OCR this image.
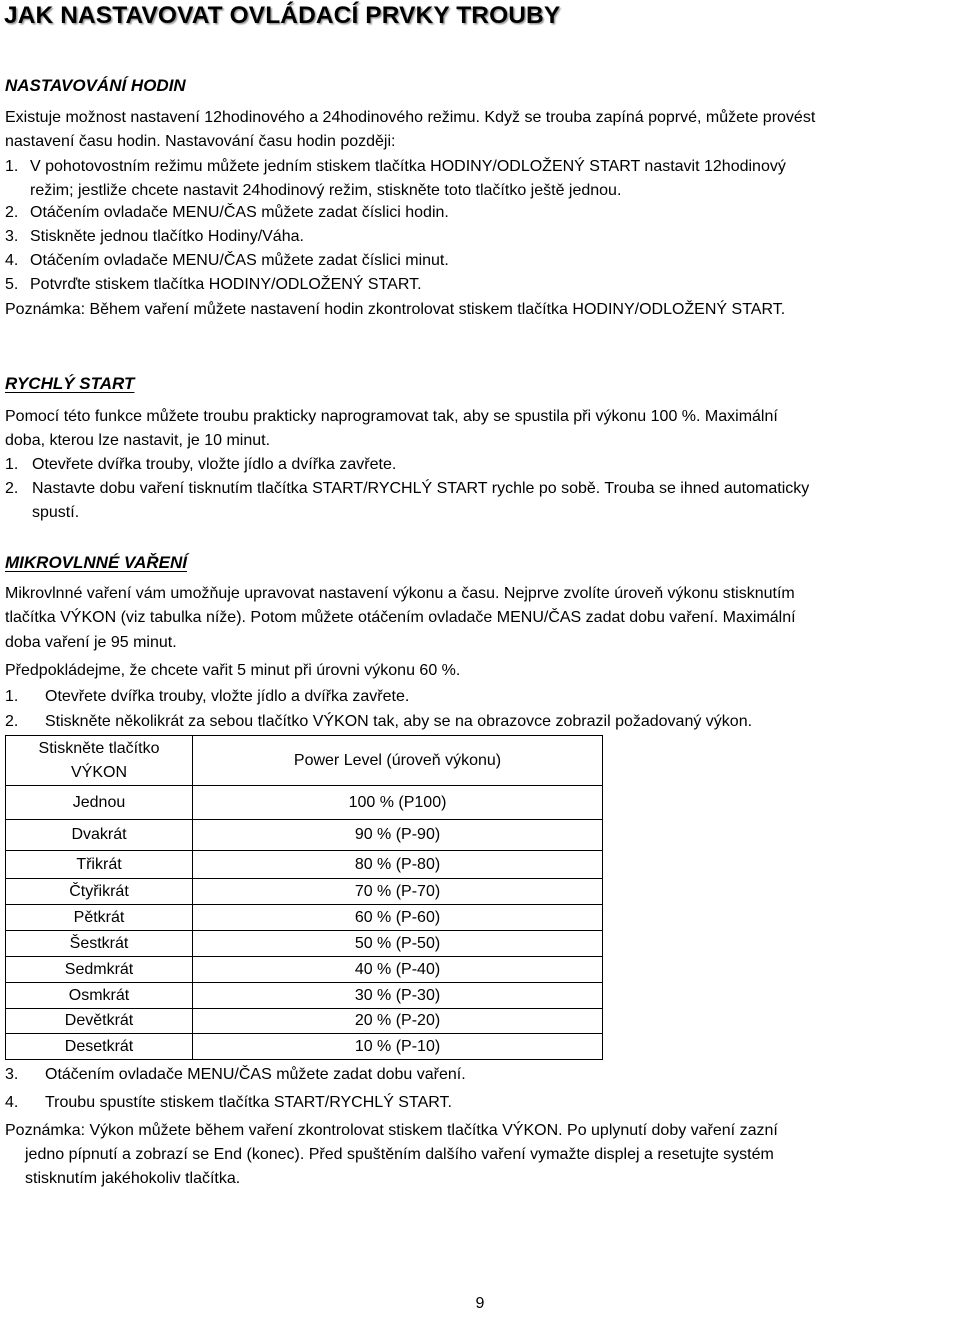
JAK NASTAVOVAT OVLÁDACÍ PRVKY TROUBY
NASTAVOVÁNÍ HODIN

Existuje možnost nastavení 12hodinového a 24hodinového režimu. Když se trouba zapíná poprvé, můžete provést

nastavení času hodin. Nastavování času hodin později:

1. V pohotovostním režimu můžete jedním stiskem tlačítka HODINY/ODLOŽENÝ START nastavit 12hodinový
režim; jestliže chcete nastavit 24hodinový režim, stiskněte toto tlačítko ještě jednou.
2. Otáčením ovladače MENU/ČAS můžete zadat číslici hodin.
3. Stiskněte jednou tlačítko Hodiny/Váha.
4. Otáčením ovladače MENU/ČAS můžete zadat číslici minut.
5. Potvrďte stiskem tlačítka HODINY/ODLOŽENÝ START.

Poznámka: Během vaření můžete nastavení hodin zkontrolovat stiskem tlačítka HODINY/ODLOŽENÝ START.

RYCHLÝ START

Pomocí této funkce můžete troubu prakticky naprogramovat tak, aby se spustila při výkonu 100 %. Maximální

doba, kterou lze nastavit, je 10 minut.

1. Otevřete dvířka trouby, vložte jídlo a dvířka zavřete.
2. Nastavte dobu vaření tisknutím tlačítka START/RYCHLÝ START rychle po sobě. Trouba se ihned automaticky
spustí.
MIKROVLNNÉ VAŘENÍ

Mikrovlnné vaření vám umožňuje upravovat nastavení výkonu a času. Nejprve zvolíte úroveň výkonu stisknutím

tlačítka VÝKON (viz tabulka níže). Potom můžete otáčením ovladače MENU/ČAS zadat dobu vaření. Maximální

doba vaření je 95 minut.

Předpokládejme, že chcete vařit 5 minut při úrovni výkonu 60 %.

1. Otevřete dvířka trouby, vložte jídlo a dvířka zavřete.
2. Stiskněte několikrát za sebou tlačítko VÝKON tak, aby se na obrazovce zobrazil požadovaný výkon.
Stiskněte tlačítko
VÝKON	Power Level (úroveň výkonu)
Jednou	100 % (P100)
Dvakrát	90 % (P-90)
Třikrát	80 % (P-80)
Čtyřikrát	70 % (P-70)
Pětkrát	60 % (P-60)
Šestkrát	50 % (P-50)
Sedmkrát	40 % (P-40)
Osmkrát	30 % (P-30)
Devětkrát	20 % (P-20)
Desetkrát	10 % (P-10)
3. Otáčením ovladače MENU/ČAS můžete zadat dobu vaření.
4. Troubu spustíte stiskem tlačítka START/RYCHLÝ START.

Poznámka: Výkon můžete během vaření zkontrolovat stiskem tlačítka VÝKON. Po uplynutí doby vaření zazní

jedno pípnutí a zobrazí se End (konec). Před spuštěním dalšího vaření vymažte displej a resetujte systém

stisknutím jakéhokoliv tlačítka.

9
